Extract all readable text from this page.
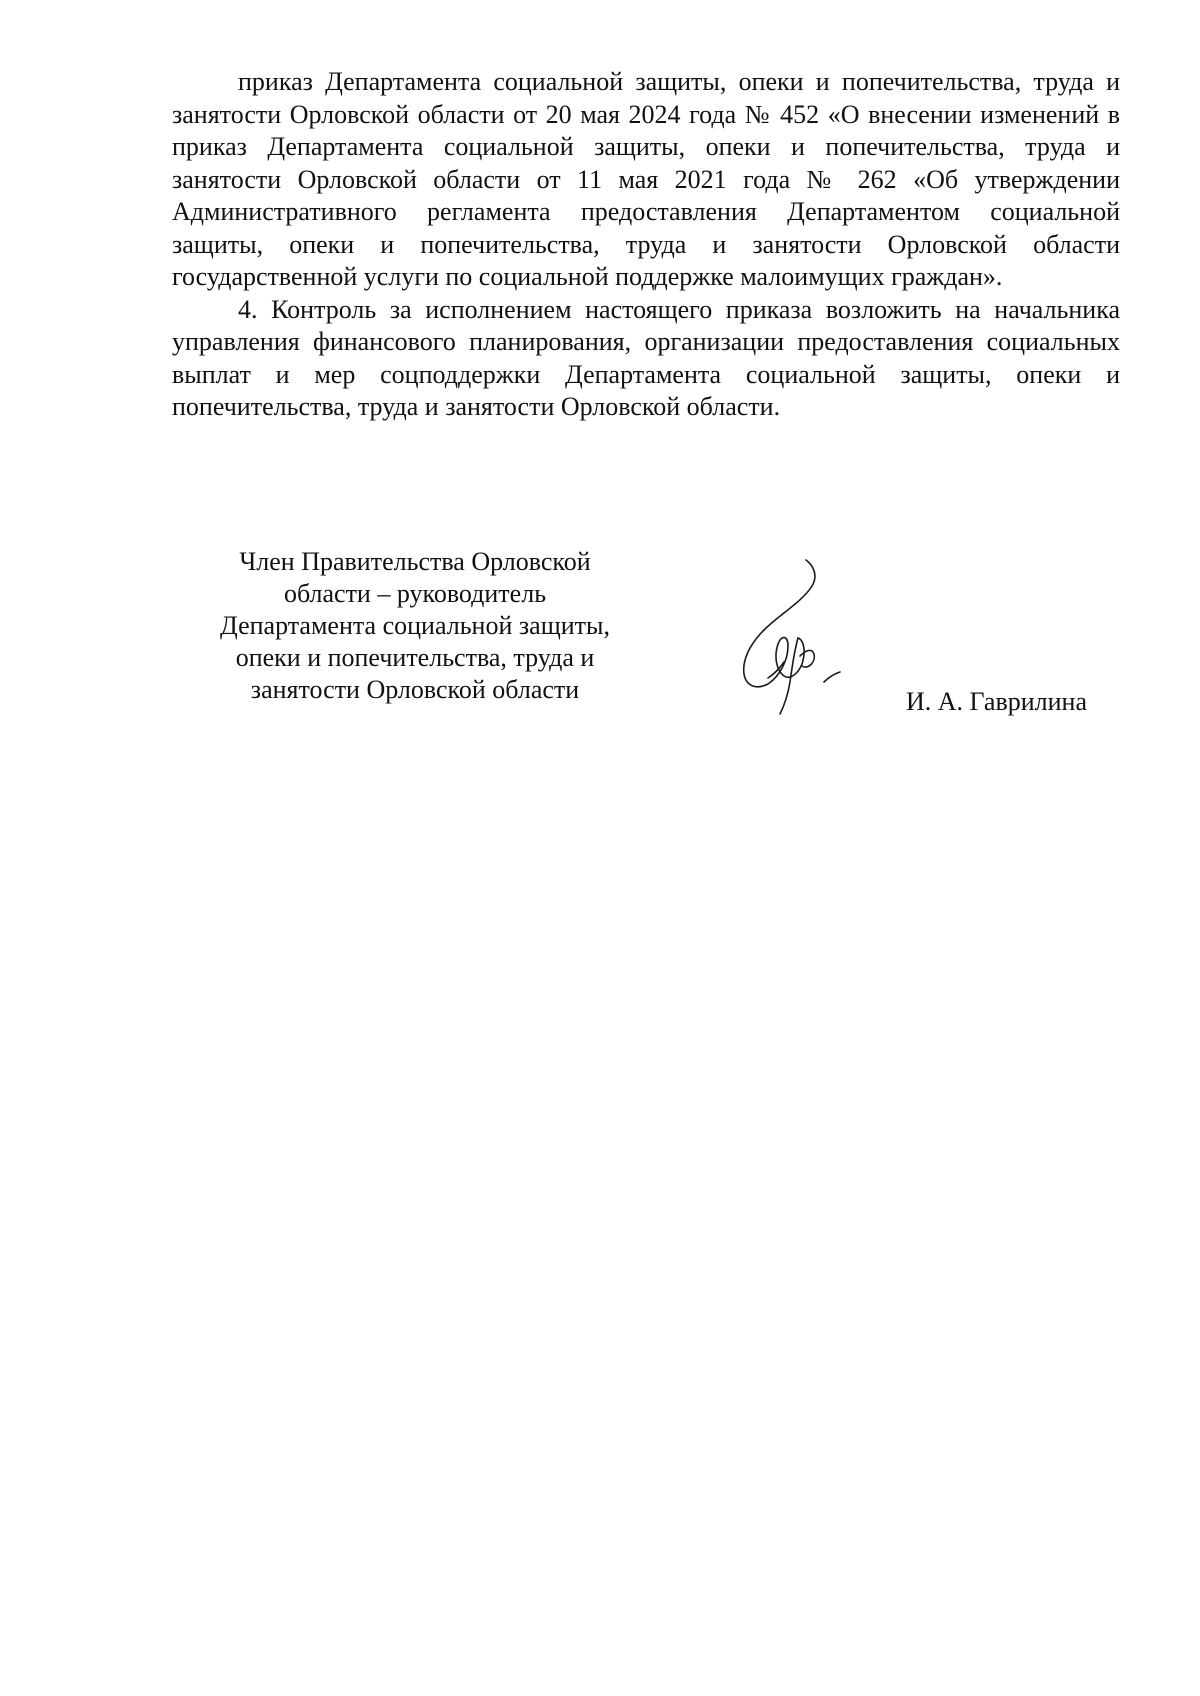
приказ Департамента социальной защиты, опеки и попечительства, труда и занятости Орловской области от 20 мая 2024 года № 452 «О внесении изменений в приказ Департамента социальной защиты, опеки и попечительства, труда и занятости Орловской области от 11 мая 2021 года № 262 «Об утверждении Административного регламента предоставления Департаментом социальной защиты, опеки и попечительства, труда и занятости Орловской области государственной услуги по социальной поддержке малоимущих граждан».

4. Контроль за исполнением настоящего приказа возложить на начальника управления финансового планирования, организации предоставления социальных выплат и мер соцподдержки Департамента социальной защиты, опеки и попечительства, труда и занятости Орловской области.

Член Правительства Орловской
области – руководитель
Департамента социальной защиты,
опеки и попечительства, труда и
занятости Орловской области	И. А. Гаврилина
